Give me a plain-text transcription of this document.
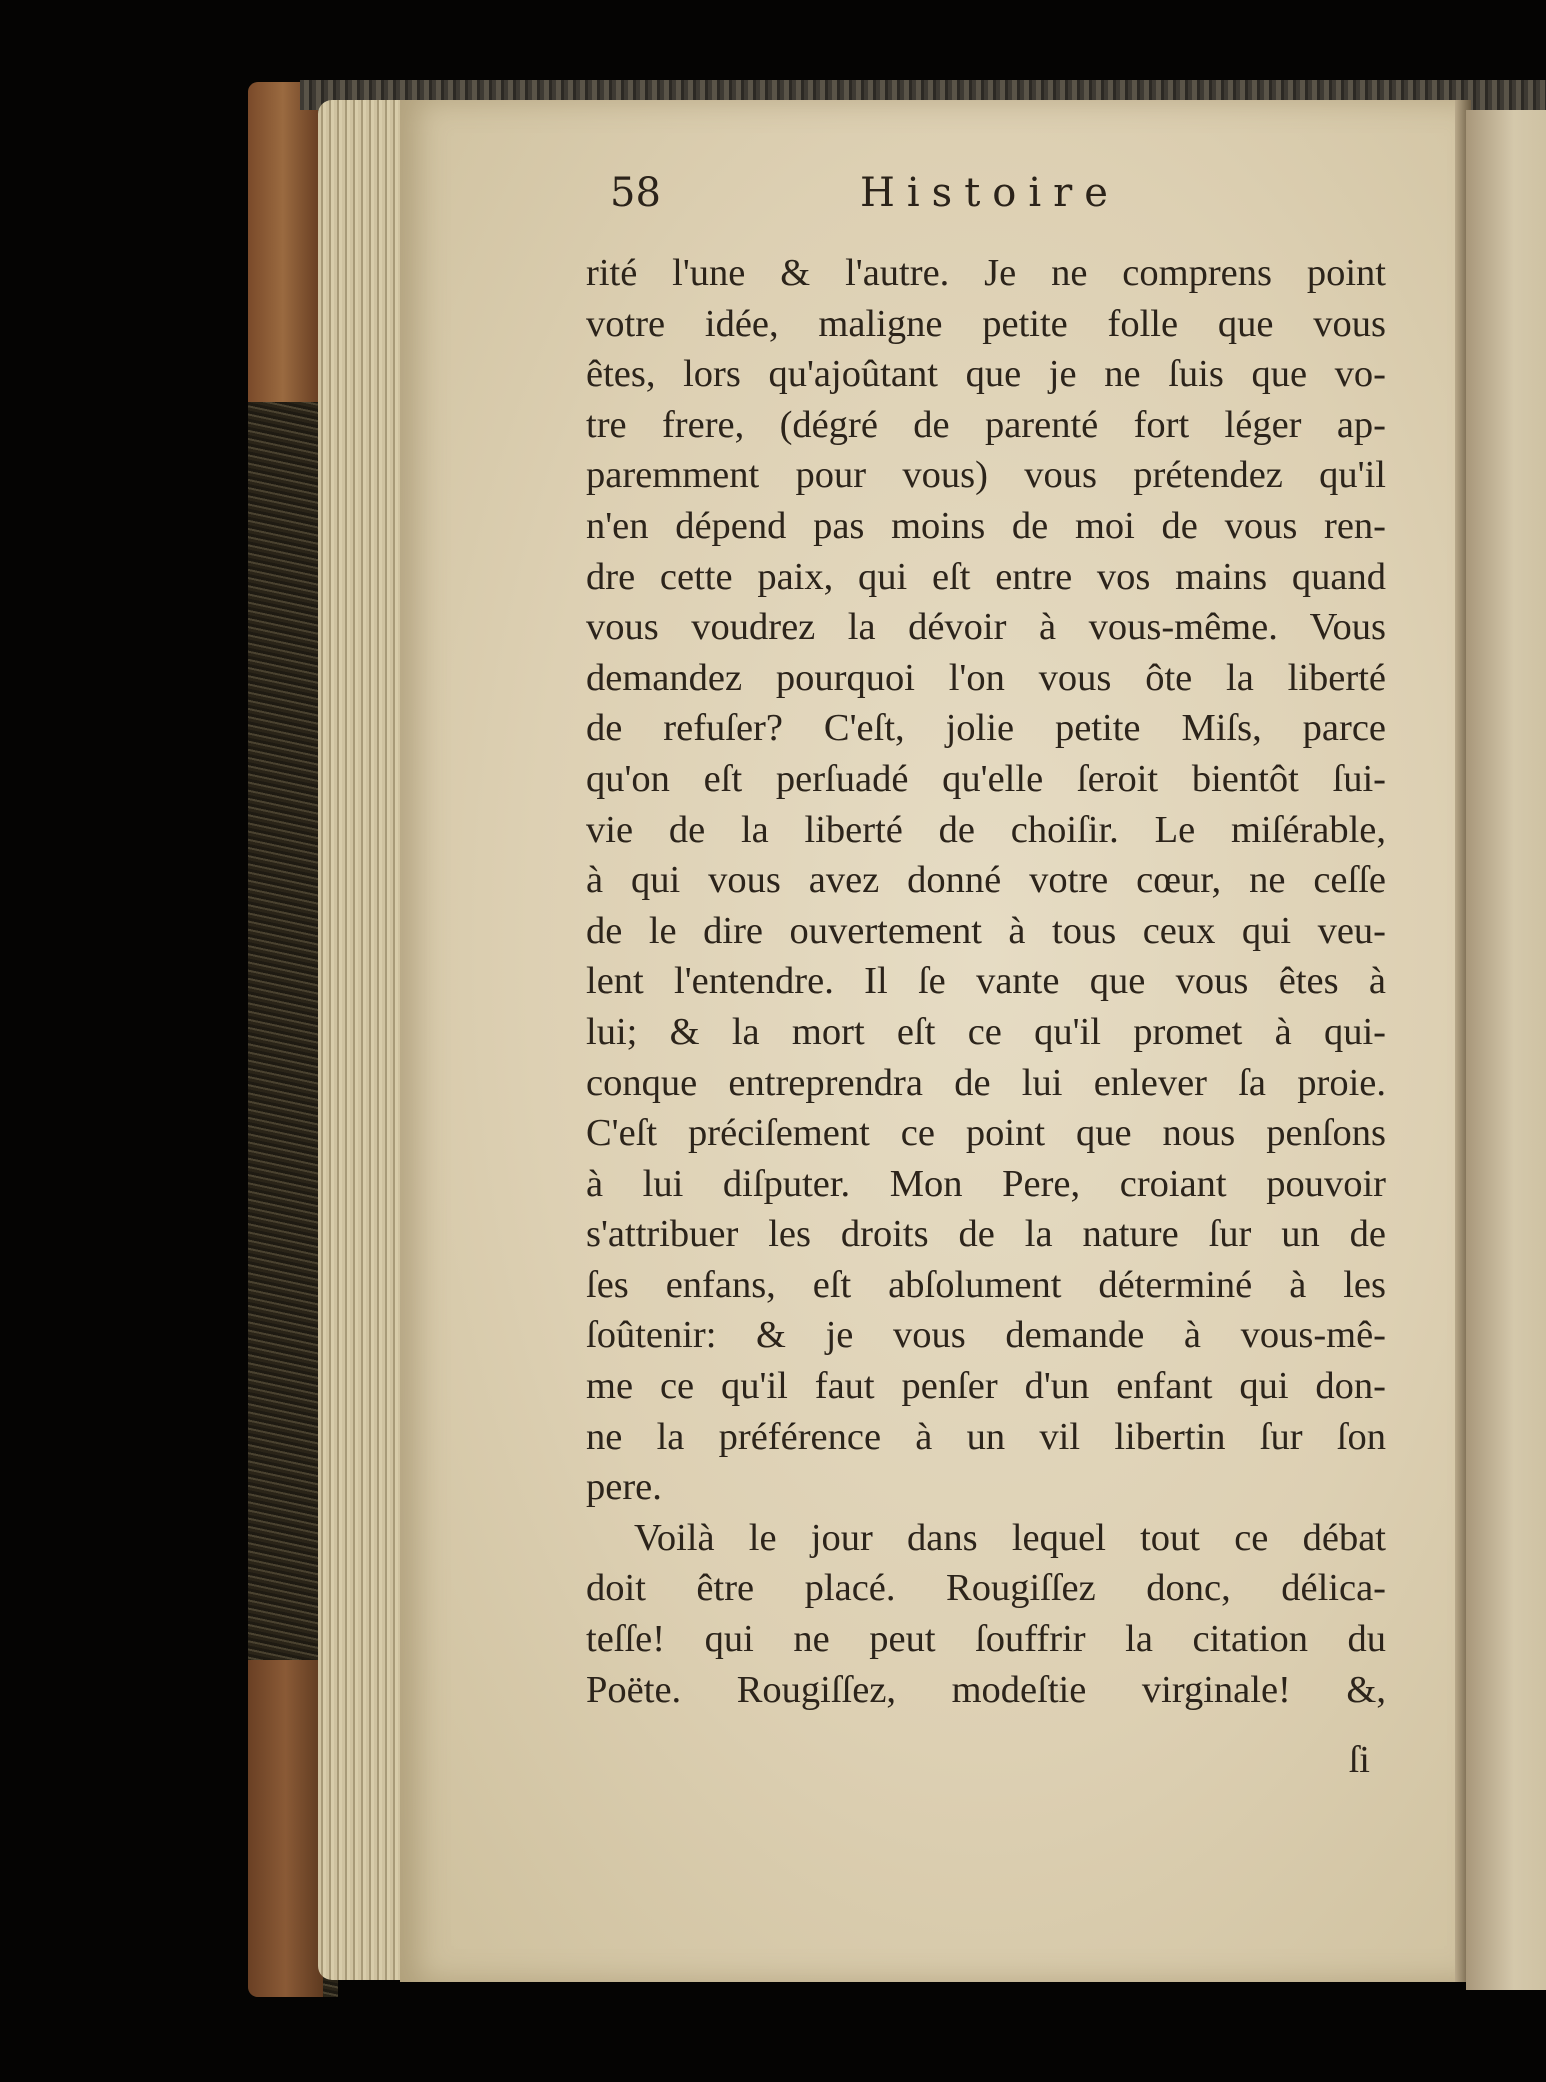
58	Histoire
rité l'une & l'autre. Je ne comprens point
votre idée, maligne petite folle que vous
êtes, lors qu'ajoûtant que je ne ſuis que vo-
tre frere, (dégré de parenté fort léger ap-
paremment pour vous) vous prétendez qu'il
n'en dépend pas moins de moi de vous ren-
dre cette paix, qui eſt entre vos mains quand
vous voudrez la dévoir à vous-même. Vous
demandez pourquoi l'on vous ôte la liberté
de refuſer? C'eſt, jolie petite Miſs, parce
qu'on eſt perſuadé qu'elle ſeroit bientôt ſui-
vie de la liberté de choiſir. Le miſérable,
à qui vous avez donné votre cœur, ne ceſſe
de le dire ouvertement à tous ceux qui veu-
lent l'entendre. Il ſe vante que vous êtes à
lui; & la mort eſt ce qu'il promet à qui-
conque entreprendra de lui enlever ſa proie.
C'eſt préciſement ce point que nous penſons
à lui diſputer. Mon Pere, croiant pouvoir
s'attribuer les droits de la nature ſur un de
ſes enfans, eſt abſolument déterminé à les
ſoûtenir: & je vous demande à vous-mê-
me ce qu'il faut penſer d'un enfant qui don-
ne la préférence à un vil libertin ſur ſon
pere.
Voilà le jour dans lequel tout ce débat
doit être placé. Rougiſſez donc, délica-
teſſe! qui ne peut ſouffrir la citation du
Poëte. Rougiſſez, modeſtie virginale! &,
ſi
